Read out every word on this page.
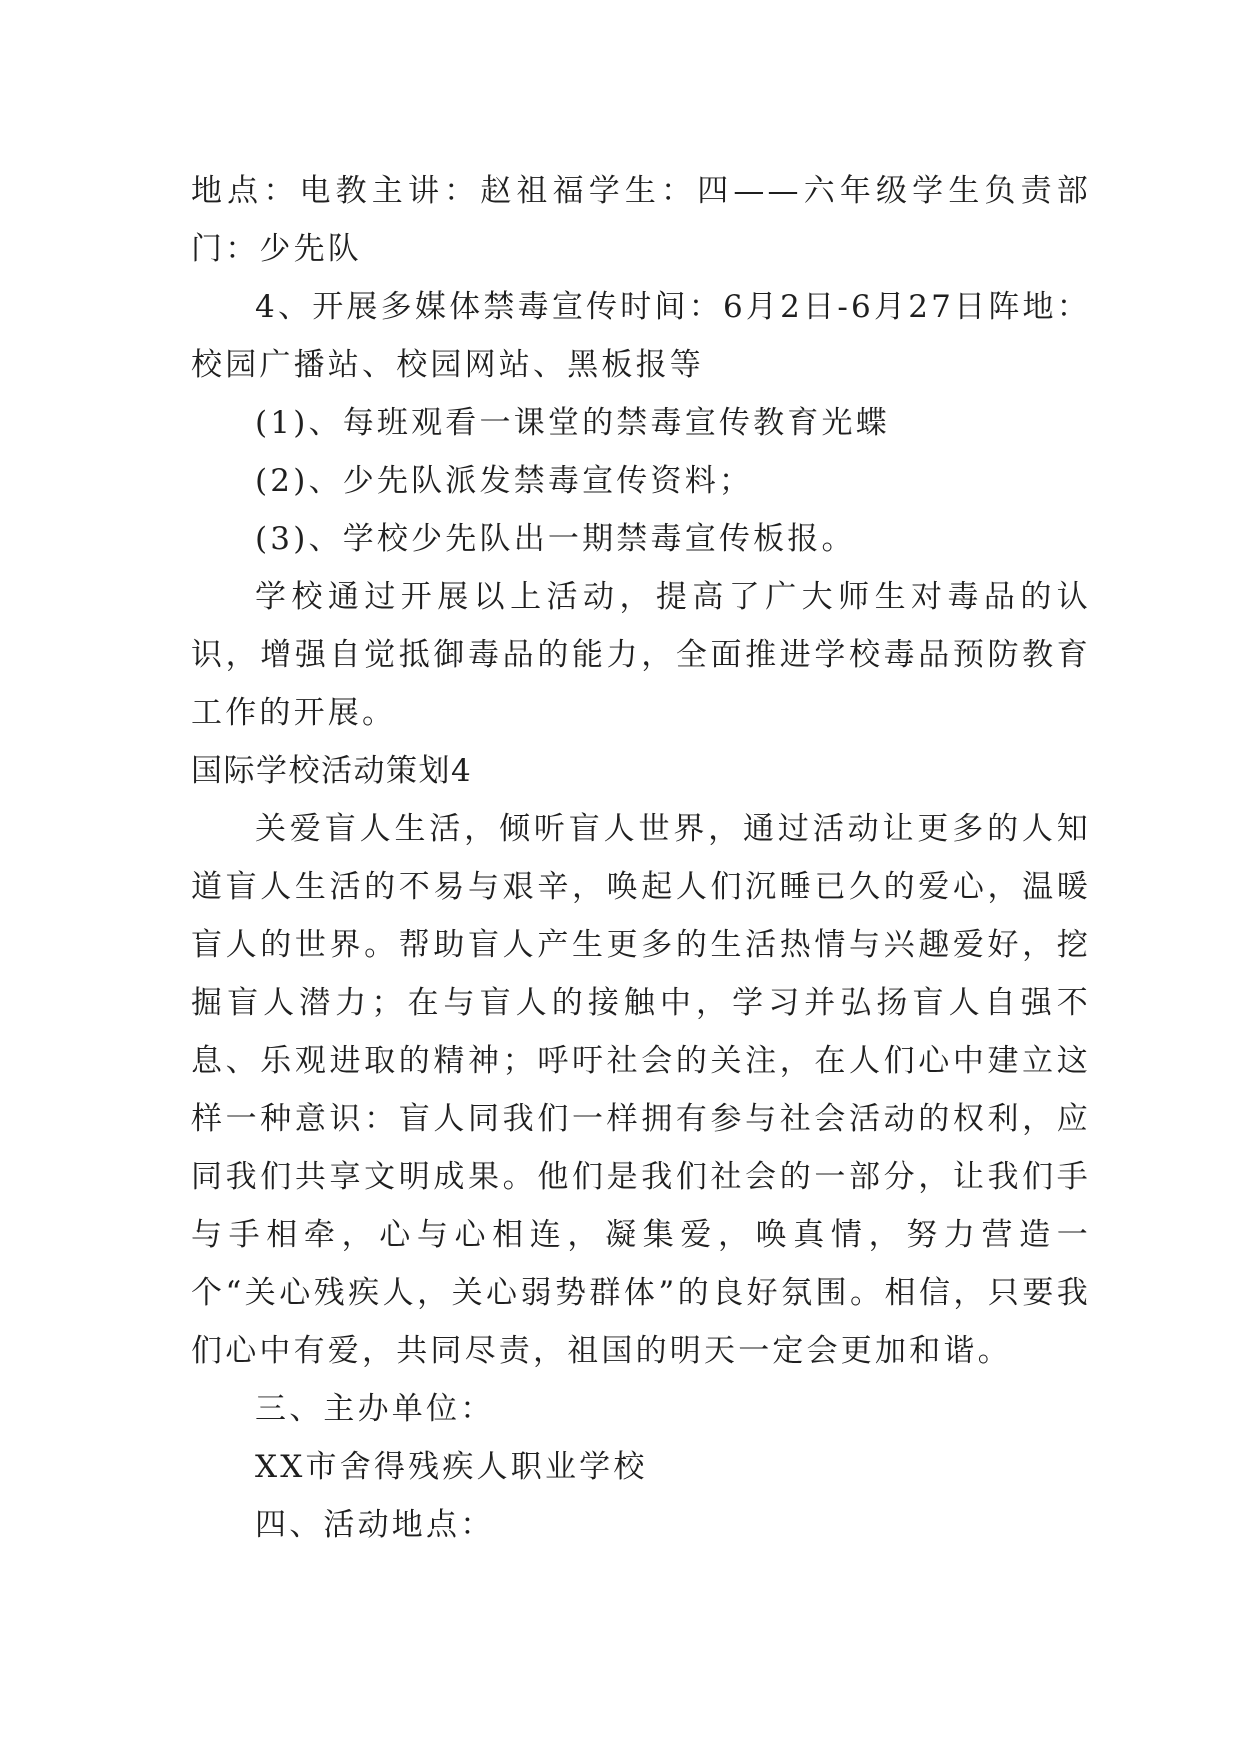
地点：电教主讲：赵祖福学生：四——六年级学生负责部门：少先队

4、开展多媒体禁毒宣传时间：6月2日-6月27日阵地：校园广播站、校园网站、黑板报等

(1)、每班观看一课堂的禁毒宣传教育光蝶

(2)、少先队派发禁毒宣传资料；

(3)、学校少先队出一期禁毒宣传板报。

学校通过开展以上活动，提高了广大师生对毒品的认识，增强自觉抵御毒品的能力，全面推进学校毒品预防教育工作的开展。

国际学校活动策划4

关爱盲人生活，倾听盲人世界，通过活动让更多的人知道盲人生活的不易与艰辛，唤起人们沉睡已久的爱心，温暖盲人的世界。帮助盲人产生更多的生活热情与兴趣爱好，挖掘盲人潜力；在与盲人的接触中，学习并弘扬盲人自强不息、乐观进取的精神；呼吁社会的关注，在人们心中建立这样一种意识：盲人同我们一样拥有参与社会活动的权利，应同我们共享文明成果。他们是我们社会的一部分，让我们手与手相牵，心与心相连，凝集爱，唤真情，努力营造一个“关心残疾人，关心弱势群体”的良好氛围。相信，只要我们心中有爱，共同尽责，祖国的明天一定会更加和谐。

三、主办单位：

XX市舍得残疾人职业学校

四、活动地点：
